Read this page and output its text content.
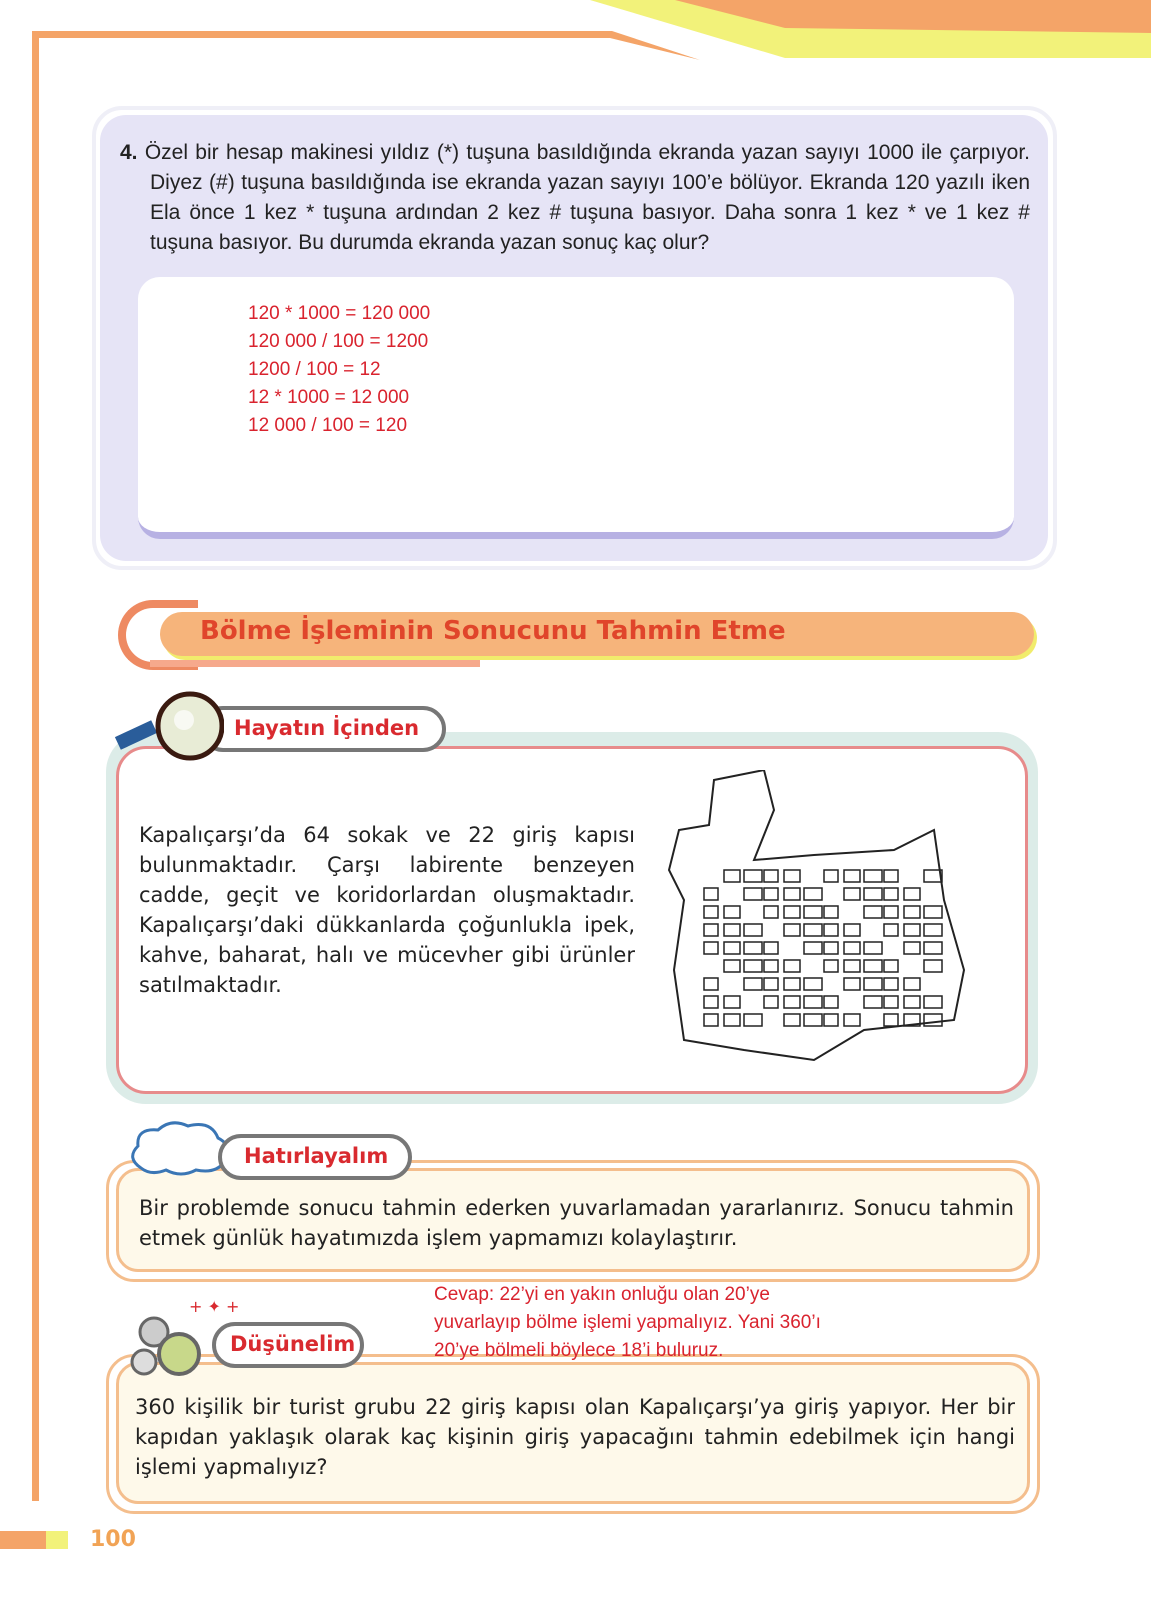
4. Özel bir hesap makinesi yıldız (*) tuşuna basıldığında ekranda yazan sayıyı 1000 ile çarpıyor. Diyez (#) tuşuna basıldığında ise ekranda yazan sayıyı 100’e bölüyor. Ekranda 120 yazılı iken Ela önce 1 kez * tuşuna ardından 2 kez # tuşuna basıyor. Daha sonra 1 kez * ve 1 kez # tuşuna basıyor. Bu durumda ekranda yazan sonuç kaç olur?
120 * 1000 = 120 000
120 000 / 100 = 1200
1200 / 100 = 12
12 * 1000 = 12 000
12 000 / 100 = 120
Bölme İşleminin Sonucunu Tahmin Etme
Hayatın İçinden
Kapalıçarşı’da 64 sokak ve 22 giriş kapısı bulunmaktadır. Çarşı labirente benzeyen cadde, geçit ve koridorlardan oluşmaktadır. Kapalıçarşı’daki dükkanlarda çoğunlukla ipek, kahve, baharat, halı ve mücevher gibi ürünler satılmaktadır.
Hatırlayalım
Bir problemde sonucu tahmin ederken yuvarlamadan yararlanırız. Sonucu tahmin etmek günlük hayatımızda işlem yapmamızı kolaylaştırır.
+ ✦ +
Düşünelim
Cevap: 22’yi en yakın onluğu olan 20’ye
yuvarlayıp bölme işlemi yapmalıyız. Yani 360’ı
20’ye bölmeli böylece 18’i buluruz.
360 kişilik bir turist grubu 22 giriş kapısı olan Kapalıçarşı’ya giriş yapıyor. Her bir kapıdan yaklaşık olarak kaç kişinin giriş yapacağını tahmin edebilmek için hangi işlemi yapmalıyız?
100
